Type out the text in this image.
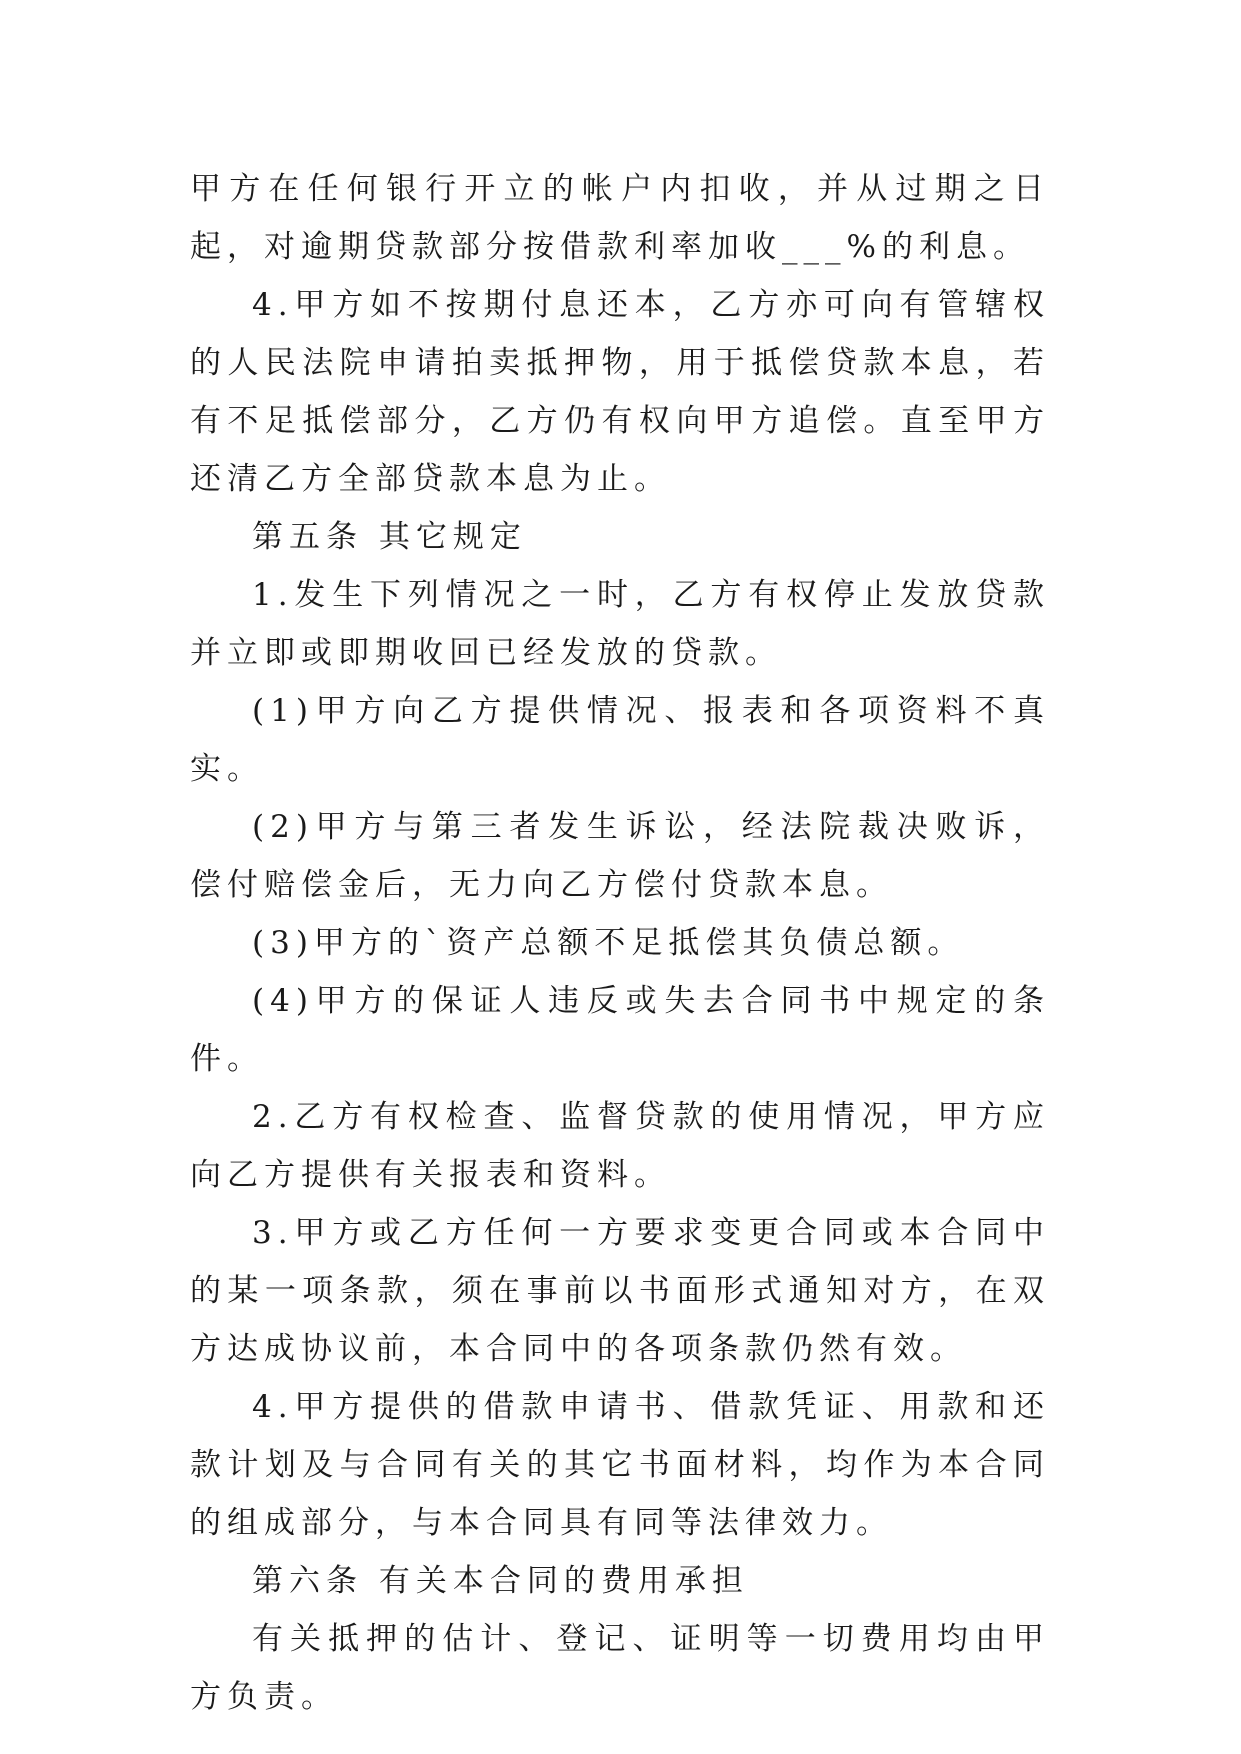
甲方在任何银行开立的帐户内扣收，并从过期之日起，对逾期贷款部分按借款利率加收___%的利息。

4.甲方如不按期付息还本，乙方亦可向有管辖权的人民法院申请拍卖抵押物，用于抵偿贷款本息，若有不足抵偿部分，乙方仍有权向甲方追偿。直至甲方还清乙方全部贷款本息为止。

第五条 其它规定

1.发生下列情况之一时，乙方有权停止发放贷款并立即或即期收回已经发放的贷款。

(1)甲方向乙方提供情况、报表和各项资料不真实。

(2)甲方与第三者发生诉讼，经法院裁决败诉，偿付赔偿金后，无力向乙方偿付贷款本息。

(3)甲方的`资产总额不足抵偿其负债总额。

(4)甲方的保证人违反或失去合同书中规定的条件。

2.乙方有权检查、监督贷款的使用情况，甲方应向乙方提供有关报表和资料。

3.甲方或乙方任何一方要求变更合同或本合同中的某一项条款，须在事前以书面形式通知对方，在双方达成协议前，本合同中的各项条款仍然有效。

4.甲方提供的借款申请书、借款凭证、用款和还款计划及与合同有关的其它书面材料，均作为本合同的组成部分，与本合同具有同等法律效力。

第六条 有关本合同的费用承担

有关抵押的估计、登记、证明等一切费用均由甲方负责。
